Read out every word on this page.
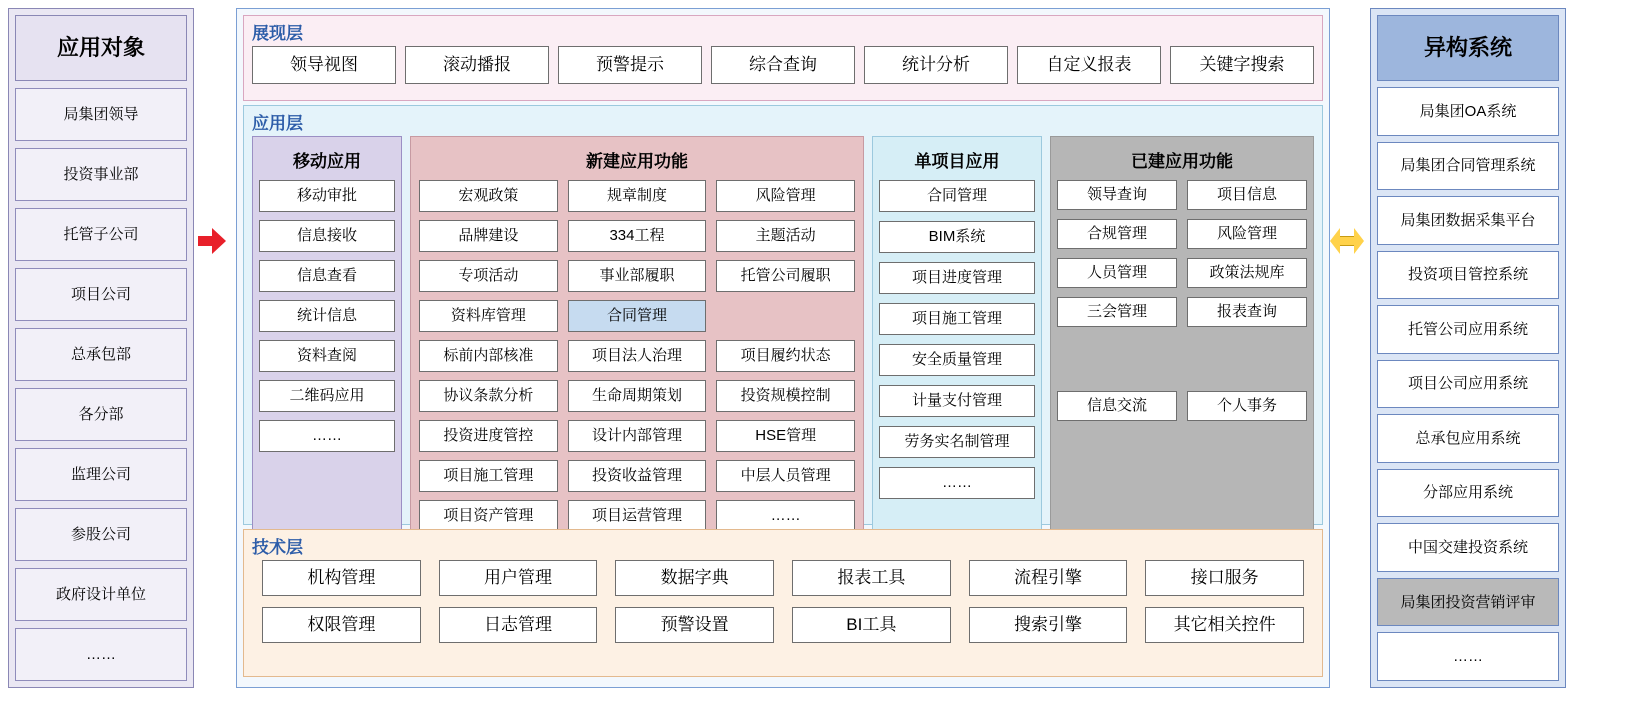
应用对象
局集团领导
投资事业部
托管子公司
项目公司
总承包部
各分部
监理公司
参股公司
政府设计单位
……
展现层
领导视图	滚动播报	预警提示	综合查询	统计分析	自定义报表	关键字搜索
应用层
移动应用
移动审批
信息接收
信息查看
统计信息
资料查阅
二维码应用
……
新建应用功能
宏观政策	规章制度	风险管理
品牌建设	334工程	主题活动
专项活动	事业部履职	托管公司履职
资料库管理	合同管理
标前内部核准	项目法人治理	项目履约状态
协议条款分析	生命周期策划	投资规模控制
投资进度管控	设计内部管理	HSE管理
项目施工管理	投资收益管理	中层人员管理
项目资产管理	项目运营管理	……
单项目应用
合同管理
BIM系统
项目进度管理
项目施工管理
安全质量管理
计量支付管理
劳务实名制管理
……
已建应用功能
领导查询	项目信息
合规管理	风险管理
人员管理	政策法规库
三会管理	报表查询
信息交流	个人事务
技术层
机构管理	用户管理	数据字典	报表工具	流程引擎	接口服务
权限管理	日志管理	预警设置	BI工具	搜索引擎	其它相关控件
异构系统
局集团OA系统
局集团合同管理系统
局集团数据采集平台
投资项目管控系统
托管公司应用系统
项目公司应用系统
总承包应用系统
分部应用系统
中国交建投资系统
局集团投资营销评审
……
